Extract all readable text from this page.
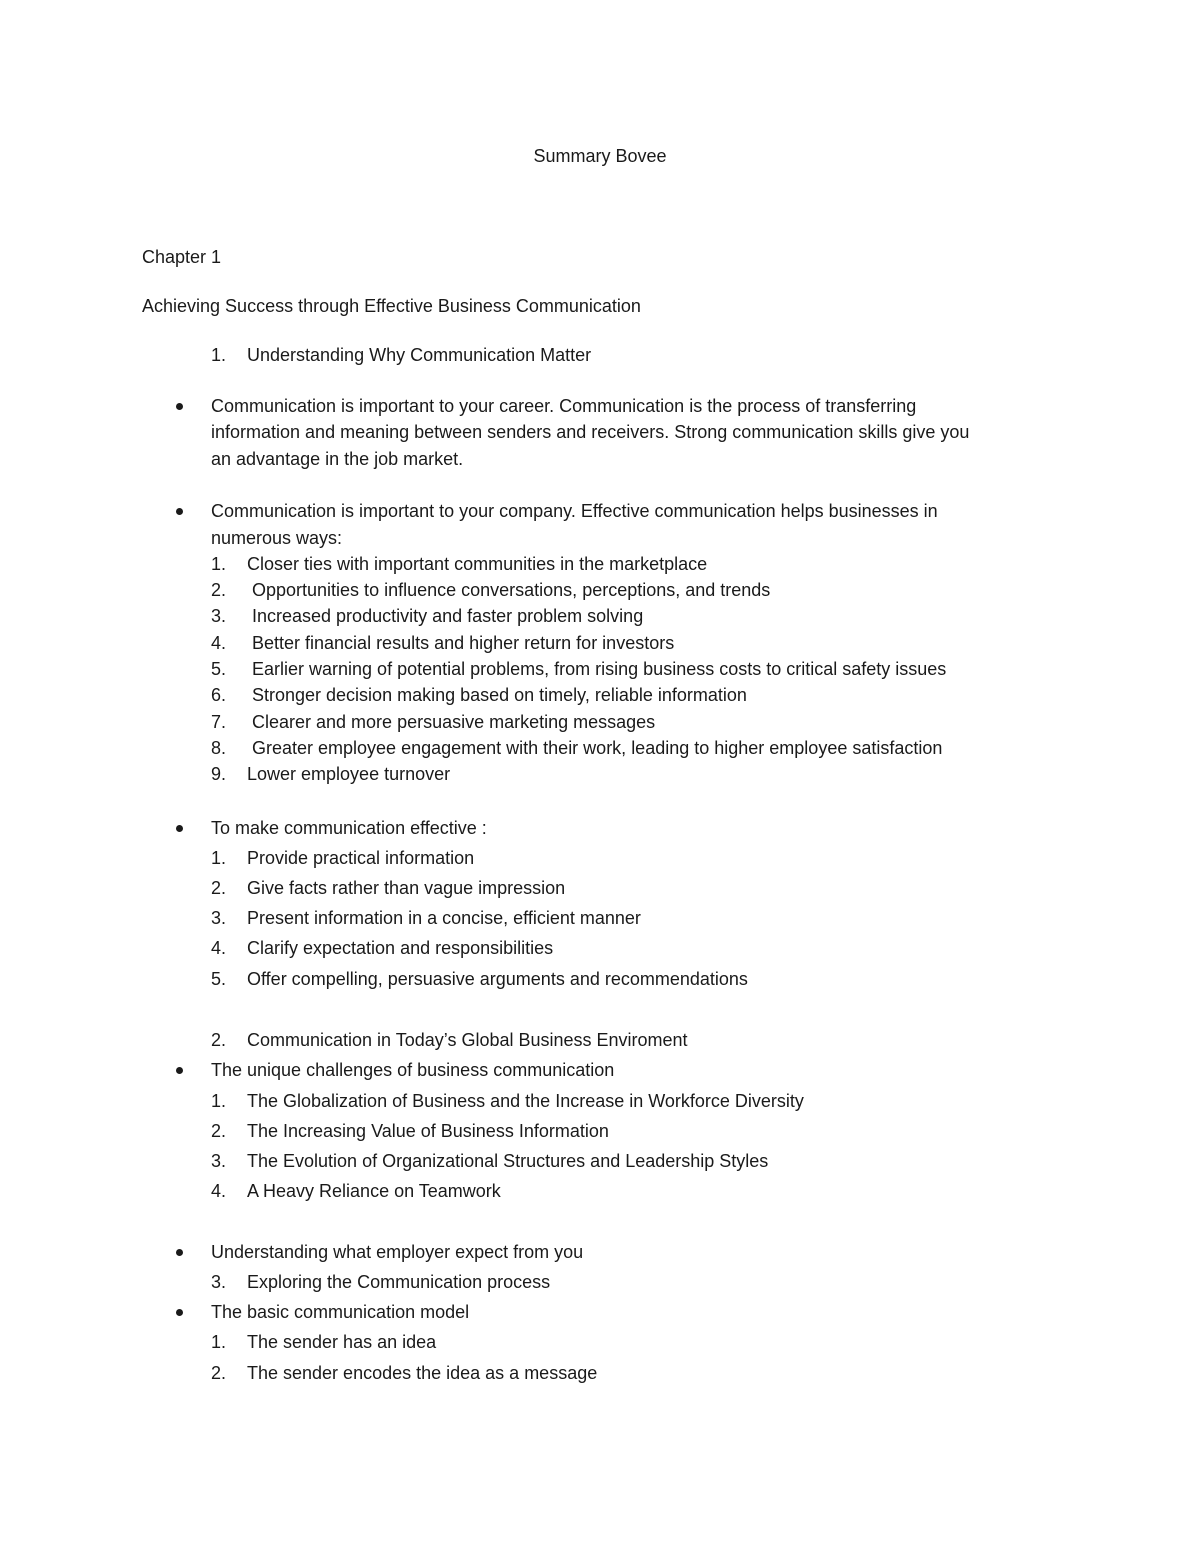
Summary Bovee
Chapter 1
Achieving Success through Effective Business Communication
1. Understanding Why Communication Matter
Communication is important to your career. Communication is the process of transferring
information and meaning between senders and receivers. Strong communication skills give you
an advantage in the job market.
Communication is important to your company. Effective communication helps businesses in
numerous ways:
1. Closer ties with important communities in the marketplace
2. Opportunities to influence conversations, perceptions, and trends
3. Increased productivity and faster problem solving
4. Better financial results and higher return for investors
5. Earlier warning of potential problems, from rising business costs to critical safety issues
6. Stronger decision making based on timely, reliable information
7. Clearer and more persuasive marketing messages
8. Greater employee engagement with their work, leading to higher employee satisfaction
9. Lower employee turnover
To make communication effective :
1. Provide practical information
2. Give facts rather than vague impression
3. Present information in a concise, efficient manner
4. Clarify expectation and responsibilities
5. Offer compelling, persuasive arguments and recommendations
2. Communication in Today’s Global Business Enviroment
The unique challenges of business communication
1. The Globalization of Business and the Increase in Workforce Diversity
2. The Increasing Value of Business Information
3. The Evolution of Organizational Structures and Leadership Styles
4. A Heavy Reliance on Teamwork
Understanding what employer expect from you
3. Exploring the Communication process
The basic communication model
1. The sender has an idea
2. The sender encodes the idea as a message
